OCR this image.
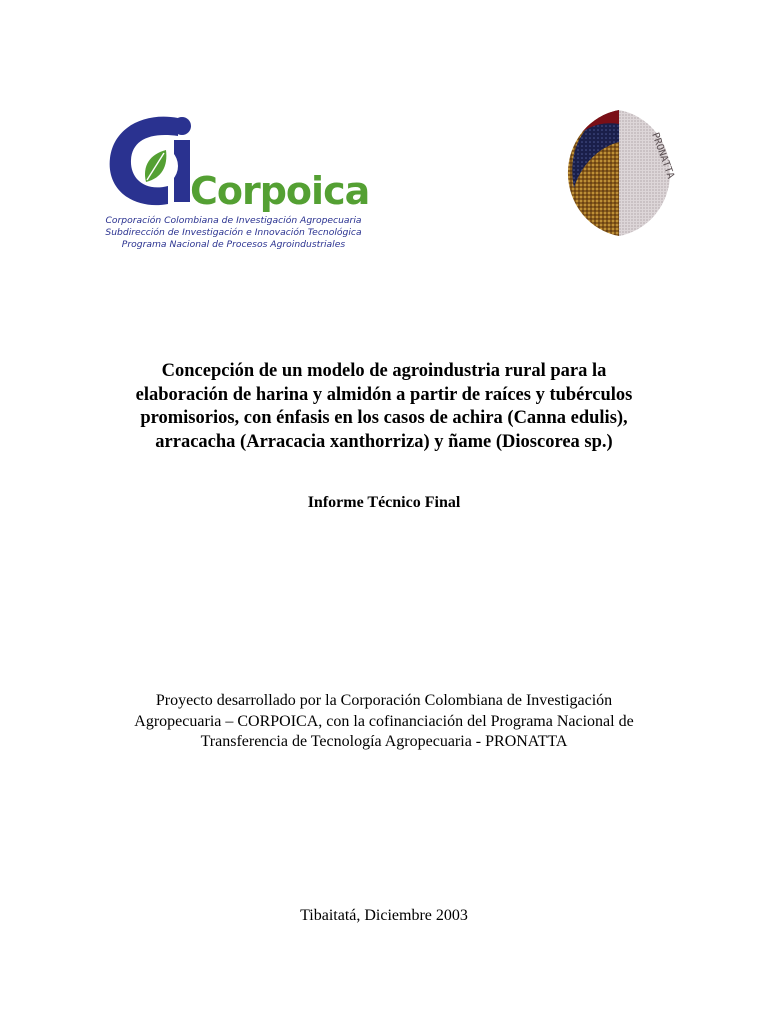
Corpoica
Corporación Colombiana de Investigación Agropecuaria
Subdirección de Investigación e Innovación Tecnológica
Programa Nacional de Procesos Agroindustriales
PRONATTA
Concepción de un modelo de agroindustria rural para la
elaboración de harina y almidón a partir de raíces y tubérculos
promisorios, con énfasis en los casos de achira (Canna edulis),
arracacha (Arracacia xanthorriza) y ñame (Dioscorea sp.)
Informe Técnico Final
Proyecto desarrollado por la Corporación Colombiana de Investigación
Agropecuaria – CORPOICA, con la cofinanciación del Programa Nacional de
Transferencia de Tecnología Agropecuaria - PRONATTA
Tibaitatá, Diciembre 2003
